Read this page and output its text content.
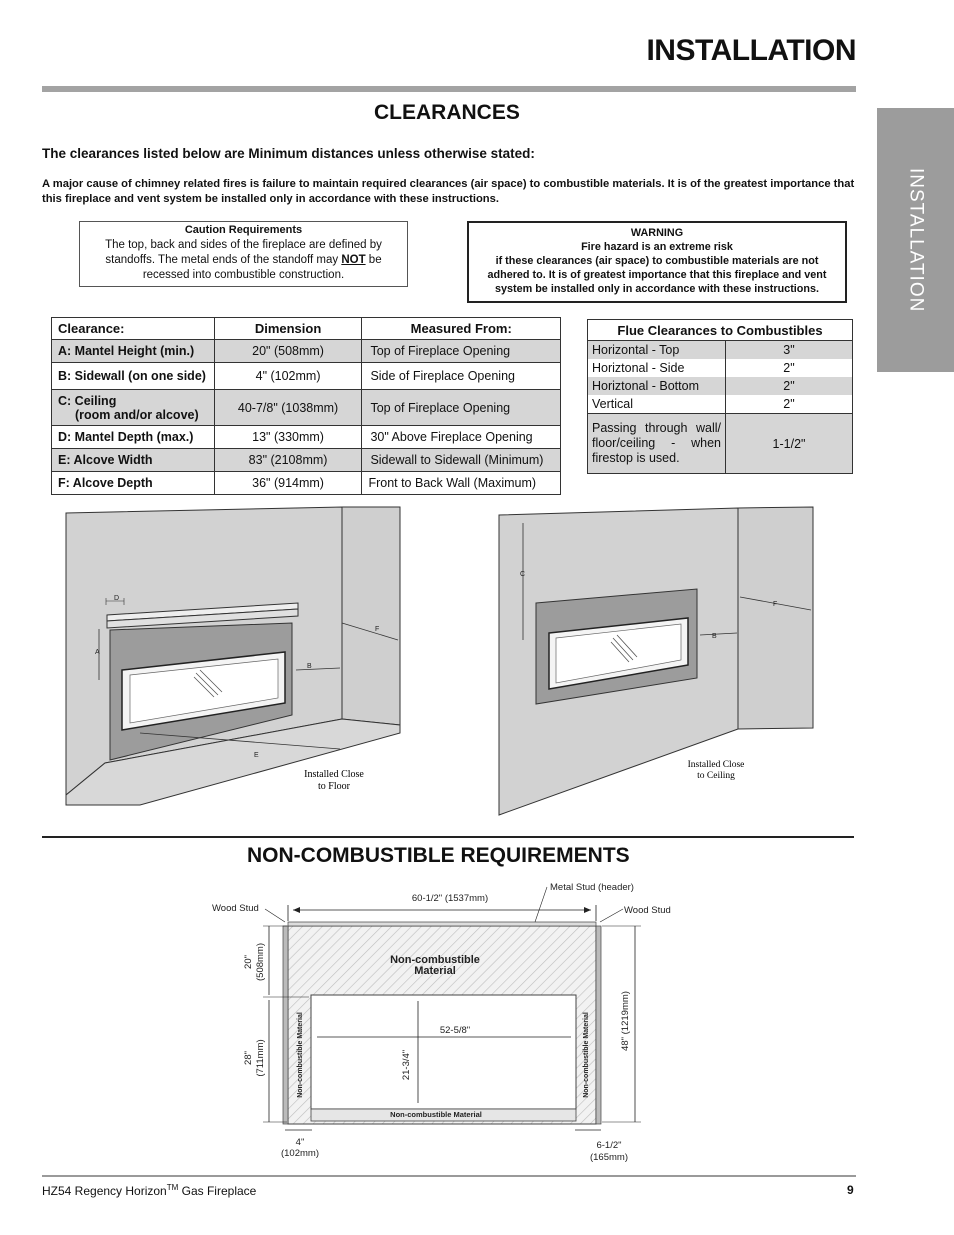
INSTALLATION
INSTALLATION
CLEARANCES
The clearances listed below are Minimum distances unless otherwise stated:
A major cause of chimney related fires is failure to maintain required clearances (air space) to combustible materials. It is of the greatest importance that this fireplace and vent system be installed only in accordance with these instructions.
Caution Requirements
The top, back and sides of the fireplace are defined by
standoffs. The metal ends of the standoff may NOT be
recessed into combustible construction.
WARNING
Fire hazard is an extreme risk
if these clearances (air space) to combustible materials are not
adhered to. It is of greatest importance that this fireplace and vent
system be installed only in accordance with these instructions.
Clearance:	Dimension	Measured From:
A: Mantel Height (min.)	20" (508mm)	Top of Fireplace Opening
B: Sidewall (on one side)	4" (102mm)	Side of Fireplace Opening

C: Ceiling
(room and/or alcove)	40-7/8" (1038mm)	Top of Fireplace Opening
D: Mantel Depth (max.)	13" (330mm)	30" Above Fireplace Opening
E: Alcove Width	83" (2108mm)	Sidewall to Sidewall (Minimum)
F: Alcove Depth	36" (914mm)	Front to Back Wall (Maximum)
Flue Clearances to Combustibles	
Horizontal - Top	3"
Horiztonal - Side	2"
Horiztonal - Bottom	2"
Vertical	2"
Passing through wall/ floor/ceiling - when firestop is used.	1-1/2"
A
D
B
F
E
Installed Close
to Floor
C
B
F
Installed Close
to Ceiling
NON-COMBUSTIBLE REQUIREMENTS
Wood Stud	Wood Stud
Metal Stud (header)
60-1/2" (1537mm)
Non-combustible
Material
20" (508mm)
28" (711mm)
48" (1219mm)
52-5/8"
21-3/4"
Non-combustible Material	Non-combustible Material
Non-combustible Material
4"
(102mm)
6-1/2"
(165mm)
HZ54 Regency Horizon™ Gas Fireplace	9
